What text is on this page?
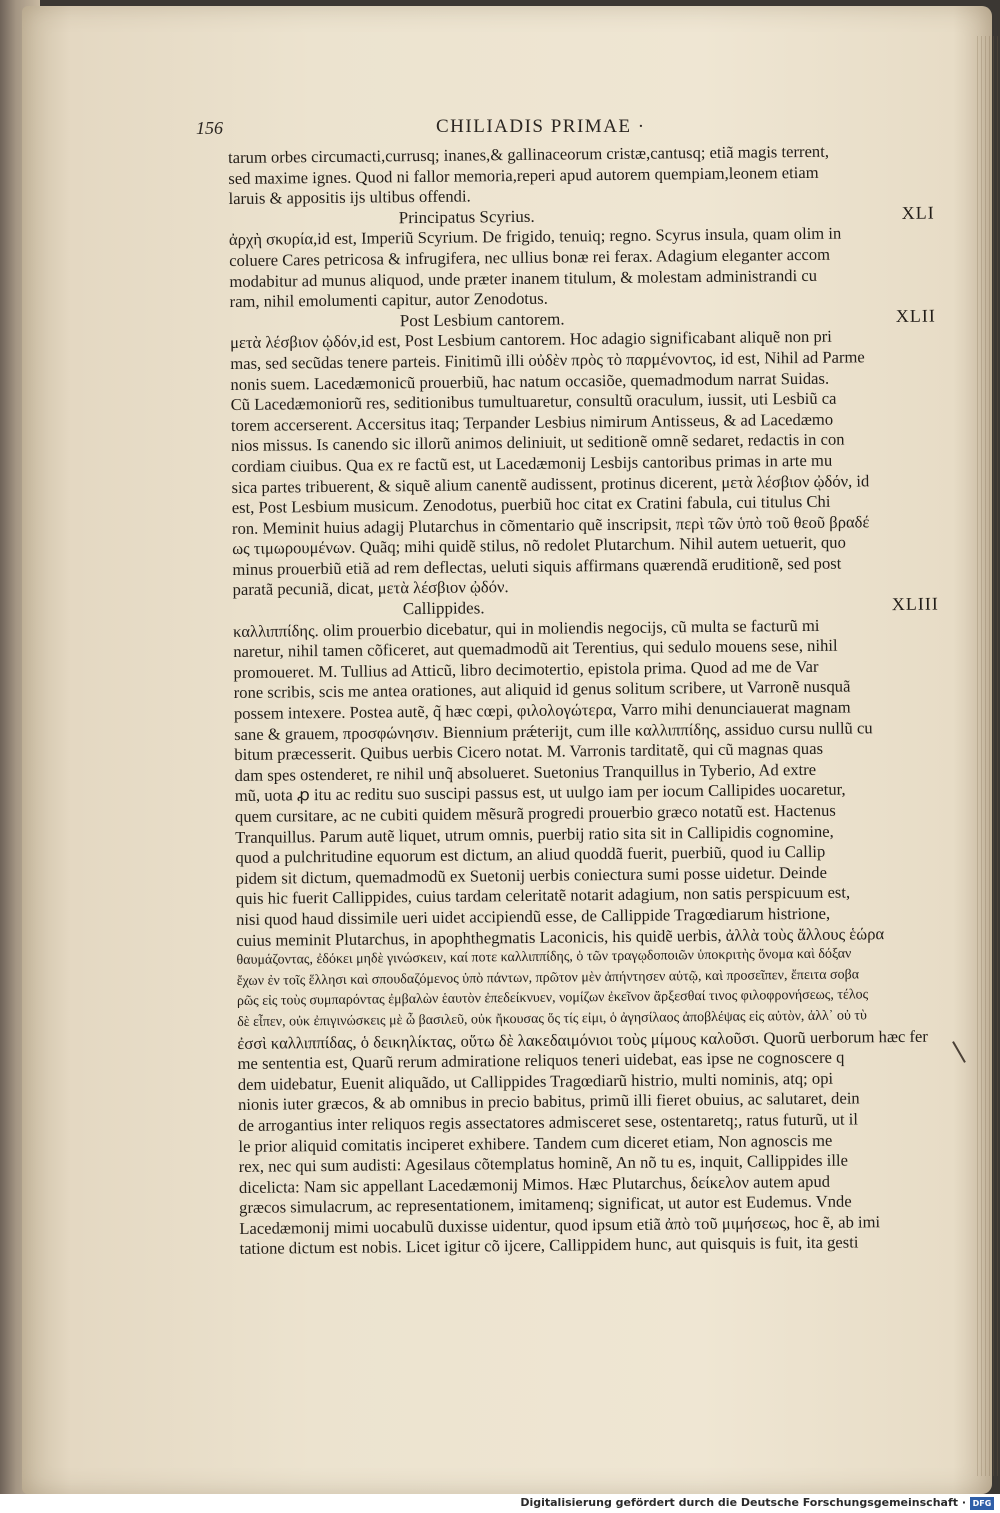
156	CHILIADIS PRIMAE ·
tarum orbes circumacti,currusq; inanes,& gallinaceorum cristæ,cantusq; etiã magis terrent,
sed maxime ignes. Quod ni fallor memoria,reperi apud autorem quempiam,leonem etiam
laruis & appositis ijs ultibus offendi.
Principatus Scyrius.	XLI
ἀρχὴ σκυρία,id est, Imperiũ Scyrium. De frigido, tenuiq; regno. Scyrus insula, quam olim in
coluere Cares petricosa & infrugifera, nec ullius bonæ rei ferax. Adagium eleganter accom
modabitur ad munus aliquod, unde præter inanem titulum, & molestam administrandi cu
ram, nihil emolumenti capitur, autor Zenodotus.
Post Lesbium cantorem.	XLII
μετὰ λέσβιον ᾠδόν,id est, Post Lesbium cantorem. Hoc adagio significabant aliquẽ non pri
mas, sed secũdas tenere parteis. Finitimũ illi οὐδὲν πρὸς τὸ παρμένοντος, id est, Nihil ad Parme
nonis suem. Lacedæmonicũ prouerbiũ, hac natum occasiõe, quemadmodum narrat Suidas.
Cũ Lacedæmoniorũ res, seditionibus tumultuaretur, consultũ oraculum, iussit, uti Lesbiũ ca
torem accerserent. Accersitus itaq; Terpander Lesbius nimirum Antisseus, & ad Lacedæmo
nios missus. Is canendo sic illorũ animos deliniuit, ut seditionẽ omnẽ sedaret, redactis in con
cordiam ciuibus. Qua ex re factũ est, ut Lacedæmonij Lesbijs cantoribus primas in arte mu
sica partes tribuerent, & siquẽ alium canentẽ audissent, protinus dicerent, μετὰ λέσβιον ᾠδόν, id
est, Post Lesbium musicum. Zenodotus, puerbiũ hoc citat ex Cratini fabula, cui titulus Chi
ron. Meminit huius adagij Plutarchus in cõmentario quẽ inscripsit, περὶ τῶν ὑπὸ τοῦ θεοῦ βραδέ
ως τιμωρουμένων. Quãq; mihi quidẽ stilus, nõ redolet Plutarchum. Nihil autem uetuerit, quo
minus prouerbiũ etiã ad rem deflectas, ueluti siquis affirmans quærendã eruditionẽ, sed post
paratã pecuniã, dicat, μετὰ λέσβιον ᾠδόν.
Callippides.	XLIII
καλλιππίδης. olim prouerbio dicebatur, qui in moliendis negocijs, cũ multa se facturũ mi
naretur, nihil tamen cõficeret, aut quemadmodũ ait Terentius, qui sedulo mouens sese, nihil
promoueret. M. Tullius ad Atticũ, libro decimotertio, epistola prima. Quod ad me de Var
rone scribis, scis me antea orationes, aut aliquid id genus solitum scribere, ut Varronẽ nusquã
possem intexere. Postea autẽ, q̃ hæc cœpi, φιλολογώτερα, Varro mihi denunciauerat magnam
sane & grauem, προσφώνησιν. Biennium prǽterijt, cum ille καλλιππίδης, assiduo cursu nullũ cu
bitum præcesserit. Quibus uerbis Cicero notat. M. Varronis tarditatẽ, qui cũ magnas quas
dam spes ostenderet, re nihil unq̃ absolueret. Suetonius Tranquillus in Tyberio, Ad extre
mũ, uota ꝓ itu ac reditu suo suscipi passus est, ut uulgo iam per iocum Callipides uocaretur,
quem cursitare, ac ne cubiti quidem mẽsurã progredi prouerbio græco notatũ est. Hactenus
Tranquillus. Parum autẽ liquet, utrum omnis, puerbij ratio sita sit in Callipidis cognomine,
quod a pulchritudine equorum est dictum, an aliud quoddã fuerit, puerbiũ, quod iu Callip
pidem sit dictum, quemadmodũ ex Suetonij uerbis coniectura sumi posse uidetur. Deinde
quis hic fuerit Callippides, cuius tardam celeritatẽ notarit adagium, non satis perspicuum est,
nisi quod haud dissimile ueri uidet accipiendũ esse, de Callippide Tragœdiarum histrione,
cuius meminit Plutarchus, in apophthegmatis Laconicis, his quidẽ uerbis, ἀλλὰ τοὺς ἄλλους ἑώρα
θαυμάζοντας, ἐδόκει μηδὲ γινώσκειν, καί ποτε καλλιππίδης, ὁ τῶν τραγῳδοποιῶν ὑποκριτὴς ὄνομα καὶ δόξαν
ἔχων ἐν τοῖς ἕλλησι καὶ σπουδαζόμενος ὑπὸ πάντων, πρῶτον μὲν ἀπήντησεν αὐτῷ, καὶ προσεῖπεν, ἔπειτα σοβα
ρῶς εἰς τοὺς συμπαρόντας ἐμβαλὼν ἑαυτὸν ἐπεδείκνυεν, νομίζων ἐκεῖνον ἄρξεσθαί τινος φιλοφρονήσεως, τέλος
δὲ εἶπεν, οὐκ ἐπιγινώσκεις μὲ ὦ βασιλεῦ, οὐκ ἤκουσας ὅς τίς εἰμι, ὁ ἀγησίλαος ἀποβλέψας εἰς αὐτὸν, ἀλλ᾽ οὐ τὺ
ἐσσὶ καλλιππίδας, ὁ δεικηλίκτας, οὕτω δὲ λακεδαιμόνιοι τοὺς μίμους καλοῦσι. Quorũ uerborum hæc fer
me sententia est, Quarũ rerum admiratione reliquos teneri uidebat, eas ipse ne cognoscere q
dem uidebatur, Euenit aliquãdo, ut Callippides Tragœdiarũ histrio, multi nominis, atq; opi
nionis iuter græcos, & ab omnibus in precio babitus, primũ illi fieret obuius, ac salutaret, dein
de arrogantius inter reliquos regis assectatores admisceret sese, ostentaretq;, ratus futurũ, ut il
le prior aliquid comitatis inciperet exhibere. Tandem cum diceret etiam, Non agnoscis me
rex, nec qui sum audisti: Agesilaus cõtemplatus hominẽ, An nõ tu es, inquit, Callippides ille
dicelicta: Nam sic appellant Lacedæmonij Mimos. Hæc Plutarchus, δείκελον autem apud
græcos simulacrum, ac representationem, imitamenq; significat, ut autor est Eudemus. Vnde
Lacedæmonij mimi uocabulũ duxisse uidentur, quod ipsum etiã ἀπὸ τοῦ μιμήσεως, hoc ẽ, ab imi
tatione dictum est nobis. Licet igitur cõ ijcere, Callippidem hunc, aut quisquis is fuit, ita gesti
Digitalisierung gefördert durch die Deutsche Forschungsgemeinschaft · DFG
